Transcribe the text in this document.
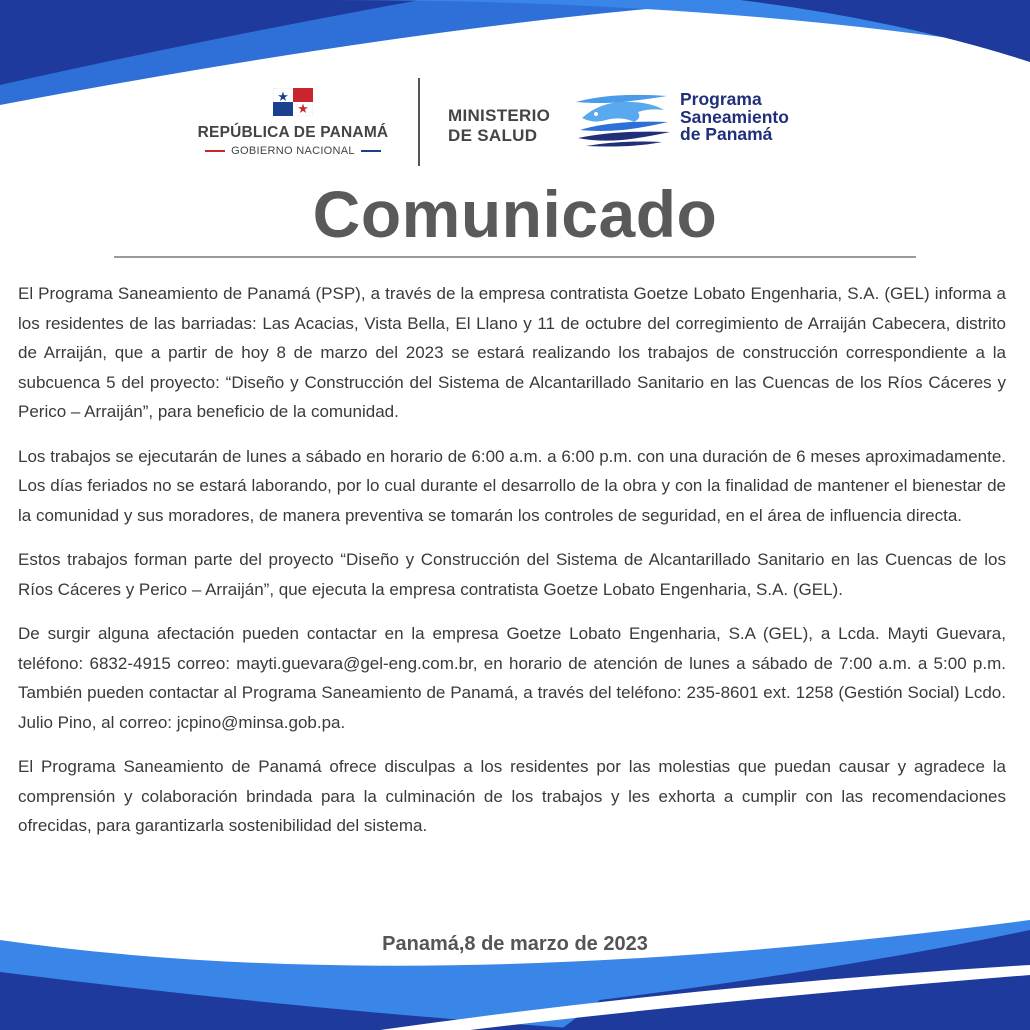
REPÚBLICA DE PANAMÁ
GOBIERNO NACIONAL
MINISTERIO
DE SALUD
Programa
Saneamiento
de Panamá
Comunicado

El Programa Saneamiento de Panamá (PSP), a través de la empresa contratista Goetze Lobato Engenharia, S.A. (GEL) informa a los residentes de las barriadas: Las Acacias, Vista Bella, El Llano y 11 de octubre del corregimiento de Arraiján Cabecera, distrito de Arraiján, que a partir de hoy 8 de marzo del 2023 se estará realizando los trabajos de construcción correspondiente a la subcuenca 5 del proyecto: “Diseño y Construcción del Sistema de Alcantarillado Sanitario en las Cuencas de los Ríos Cáceres y Perico – Arraiján”, para beneficio de la comunidad.

Los trabajos se ejecutarán de lunes a sábado en horario de 6:00 a.m. a 6:00 p.m. con una duración de 6 meses aproximadamente. Los días feriados no se estará laborando, por lo cual durante el desarrollo de la obra y con la finalidad de mantener el bienestar de la comunidad y sus moradores, de manera preventiva se tomarán los controles de seguridad, en el área de influencia directa.

Estos trabajos forman parte del proyecto “Diseño y Construcción del Sistema de Alcantarillado Sanitario en las Cuencas de los Ríos Cáceres y Perico – Arraiján”, que ejecuta la empresa contratista Goetze Lobato Engenharia, S.A. (GEL).

De surgir alguna afectación pueden contactar en la empresa Goetze Lobato Engenharia, S.A (GEL), a Lcda. Mayti Guevara, teléfono: 6832-4915 correo: mayti.guevara@gel-eng.com.br, en horario de atención de lunes a sábado de 7:00 a.m. a 5:00 p.m. También pueden contactar al Programa Saneamiento de Panamá, a través del teléfono: 235-8601 ext. 1258 (Gestión Social) Lcdo. Julio Pino, al correo: jcpino@minsa.gob.pa.

El Programa Saneamiento de Panamá ofrece disculpas a los residentes por las molestias que puedan causar y agradece la comprensión y colaboración brindada para la culminación de los trabajos y les exhorta a cumplir con las recomendaciones ofrecidas, para garantizarla sostenibilidad del sistema.

Panamá,8 de marzo de 2023
